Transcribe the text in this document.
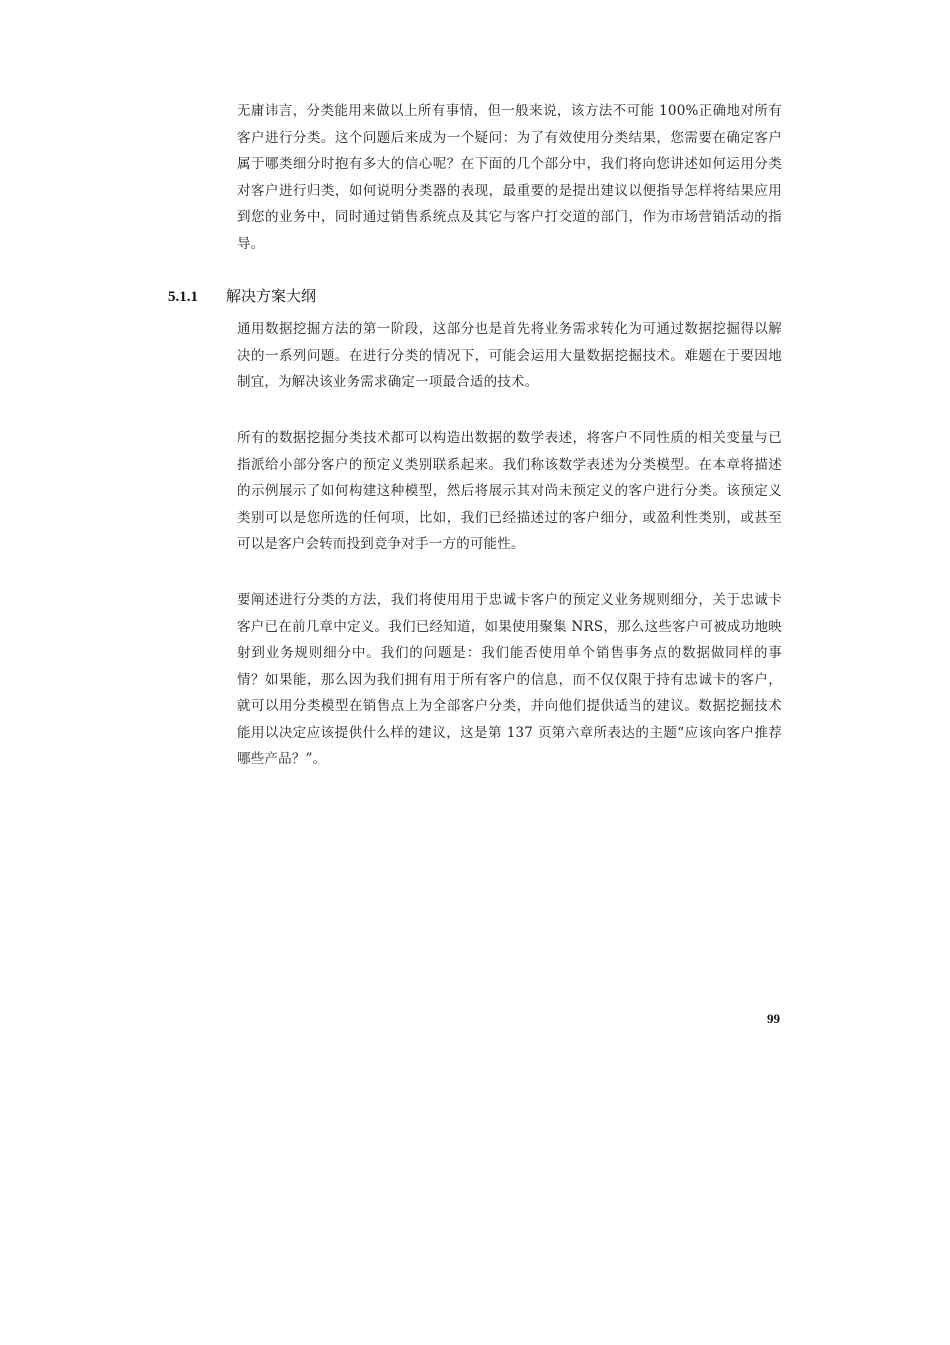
无庸讳言，分类能用来做以上所有事情，但一般来说，该方法不可能 100%正确地对所有客户进行分类。这个问题后来成为一个疑问：为了有效使用分类结果，您需要在确定客户属于哪类细分时抱有多大的信心呢？在下面的几个部分中，我们将向您讲述如何运用分类对客户进行归类，如何说明分类器的表现，最重要的是提出建议以便指导怎样将结果应用到您的业务中，同时通过销售系统点及其它与客户打交道的部门，作为市场营销活动的指导。

5.1.1 解决方案大纲

通用数据挖掘方法的第一阶段，这部分也是首先将业务需求转化为可通过数据挖掘得以解决的一系列问题。在进行分类的情况下，可能会运用大量数据挖掘技术。难题在于要因地制宜，为解决该业务需求确定一项最合适的技术。

所有的数据挖掘分类技术都可以构造出数据的数学表述，将客户不同性质的相关变量与已指派给小部分客户的预定义类别联系起来。我们称该数学表述为分类模型。在本章将描述的示例展示了如何构建这种模型，然后将展示其对尚未预定义的客户进行分类。该预定义类别可以是您所选的任何项，比如，我们已经描述过的客户细分，或盈利性类别，或甚至可以是客户会转而投到竞争对手一方的可能性。

要阐述进行分类的方法，我们将使用用于忠诚卡客户的预定义业务规则细分，关于忠诚卡客户已在前几章中定义。我们已经知道，如果使用聚集 NRS，那么这些客户可被成功地映射到业务规则细分中。我们的问题是：我们能否使用单个销售事务点的数据做同样的事情？如果能，那么因为我们拥有用于所有客户的信息，而不仅仅限于持有忠诚卡的客户，就可以用分类模型在销售点上为全部客户分类，并向他们提供适当的建议。数据挖掘技术能用以决定应该提供什么样的建议，这是第 137 页第六章所表达的主题“应该向客户推荐哪些产品？”。

99
